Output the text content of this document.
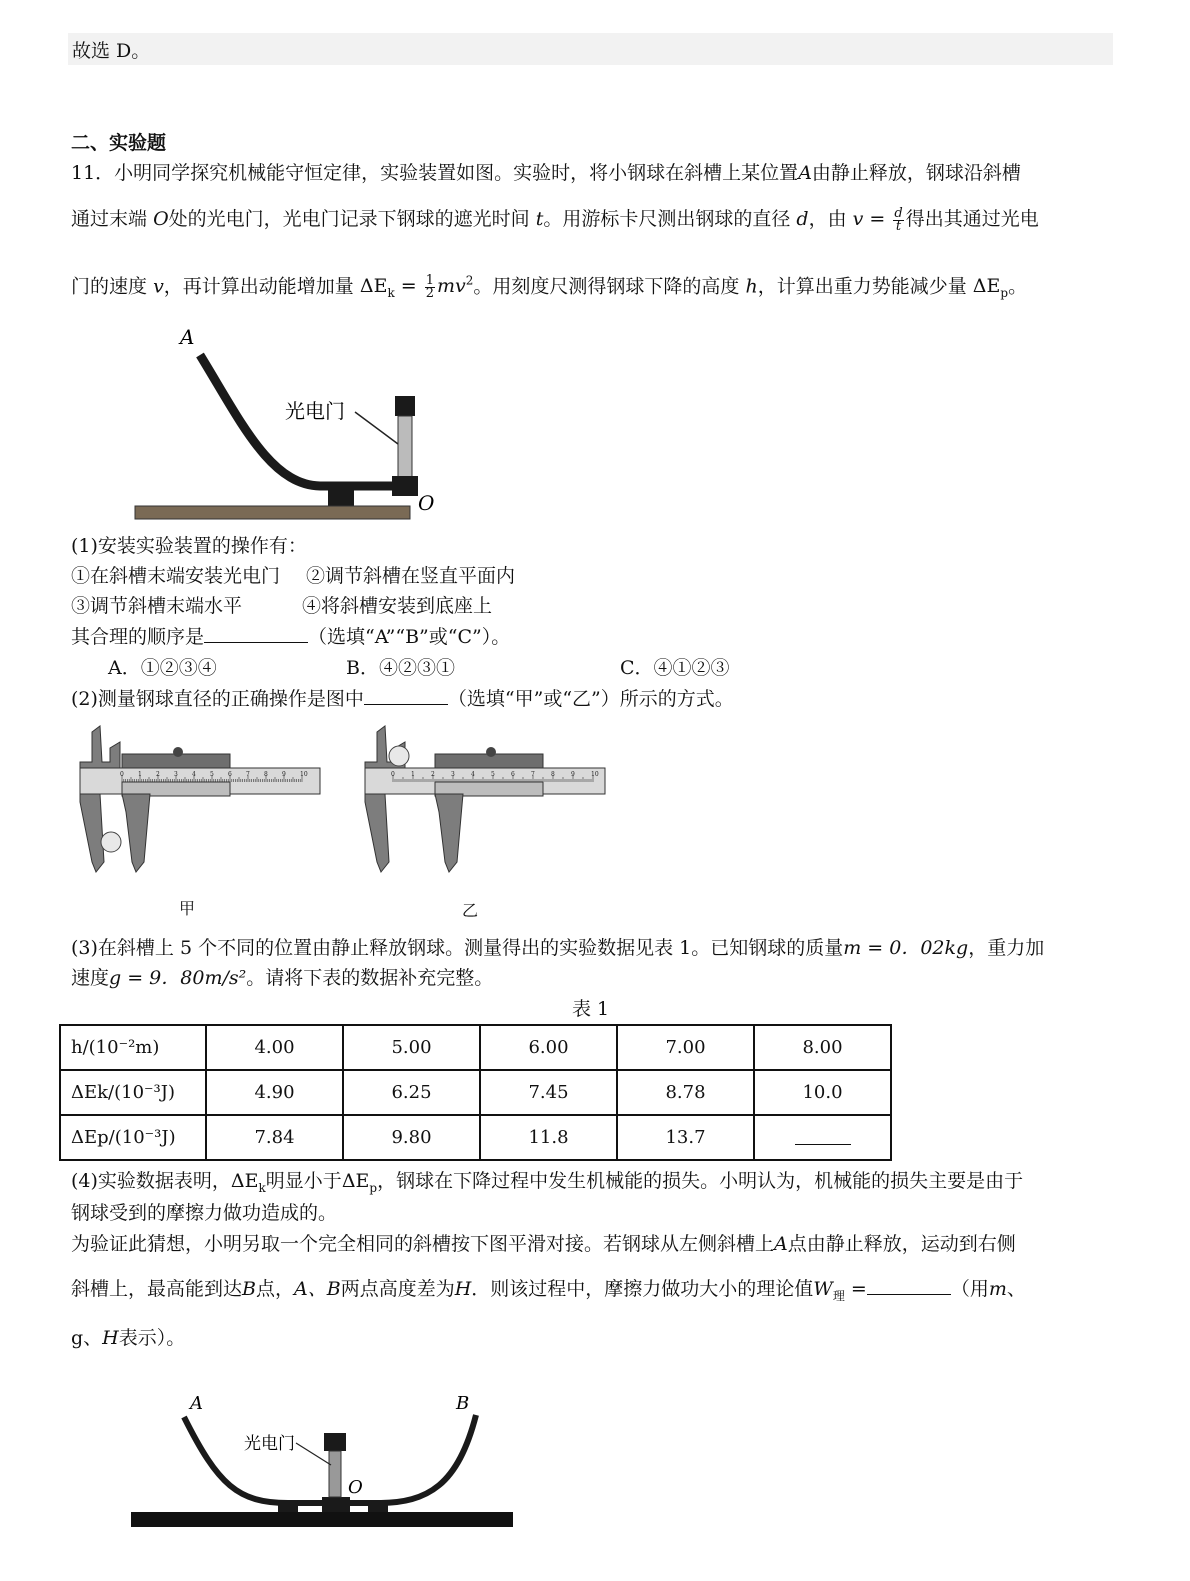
故选 D。
二、实验题
11．小明同学探究机械能守恒定律，实验装置如图。实验时，将小钢球在斜槽上某位置A由静止释放，钢球沿斜槽
通过末端 O处的光电门，光电门记录下钢球的遮光时间 t。用游标卡尺测出钢球的直径 d，由 $v = \frac{d}{t}$ 得出其通过光电
门的速度 v，再计算出动能增加量 $\Delta E_k = \frac{1}{2} mv^2$。用刻度尺测得钢球下降的高度 h，计算出重力势能减少量 $\Delta E_p$。
A
光电门
O
(1)安装实验装置的操作有：
①在斜槽末端安装光电门 ②调节斜槽在竖直平面内
③调节斜槽末端水平	④将斜槽安装到底座上
其合理的顺序是	（选填“A”“B”或“C”）。
A．①②③④	B．④②③①	C．④①②③
(2)测量钢球直径的正确操作是图中	（选填“甲”或“乙”）所示的方式。
0 1 2 3 4 5 6 7 8 9 10
甲
0	1	2	3	4	5	6	7	8	9	10
乙
(3)在斜槽上 5 个不同的位置由静止释放钢球。测量得出的实验数据见表 1。已知钢球的质量m = 0．02kg，重力加
速度g = 9．80m/s²。请将下表的数据补充完整。
表 1
h/(10⁻²m)	4.00	5.00	6.00	7.00	8.00
ΔEk/(10⁻³J)	4.90	6.25	7.45	8.78	10.0
ΔEp/(10⁻³J)	7.84	9.80	11.8	13.7	
(4)实验数据表明，$\Delta E_k$明显小于$\Delta E_p$，钢球在下降过程中发生机械能的损失。小明认为，机械能的损失主要是由于
钢球受到的摩擦力做功造成的。
为验证此猜想，小明另取一个完全相同的斜槽按下图平滑对接。若钢球从左侧斜槽上A点由静止释放，运动到右侧
斜槽上，最高能到达B点，A、B两点高度差为H．则该过程中，摩擦力做功大小的理论值$W_理$ =	（用m、
g、H表示）。
A	B
光电门
O
